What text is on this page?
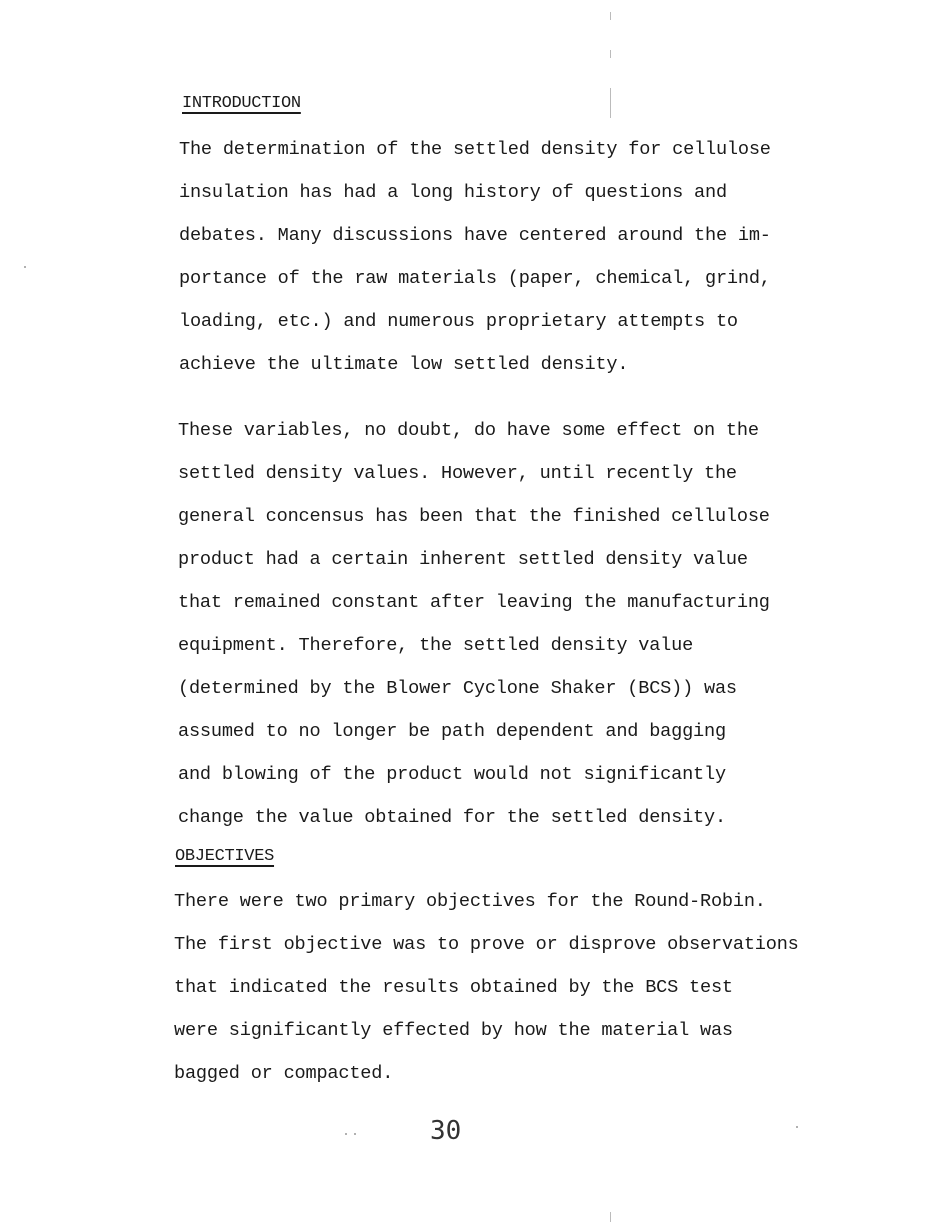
INTRODUCTION
The determination of the settled density for cellulose
insulation has had a long history of questions and
debates. Many discussions have centered around the im-
portance of the raw materials (paper, chemical, grind,
loading, etc.) and numerous proprietary attempts to
achieve the ultimate low settled density.
These variables, no doubt, do have some effect on the
settled density values. However, until recently the
general concensus has been that the finished cellulose
product had a certain inherent settled density value
that remained constant after leaving the manufacturing
equipment. Therefore, the settled density value
(determined by the Blower Cyclone Shaker (BCS)) was
assumed to no longer be path dependent and bagging
and blowing of the product would not significantly
change the value obtained for the settled density.
OBJECTIVES
There were two primary objectives for the Round-Robin.
The first objective was to prove or disprove observations
that indicated the results obtained by the BCS test
were significantly effected by how the material was
bagged or compacted.
30
